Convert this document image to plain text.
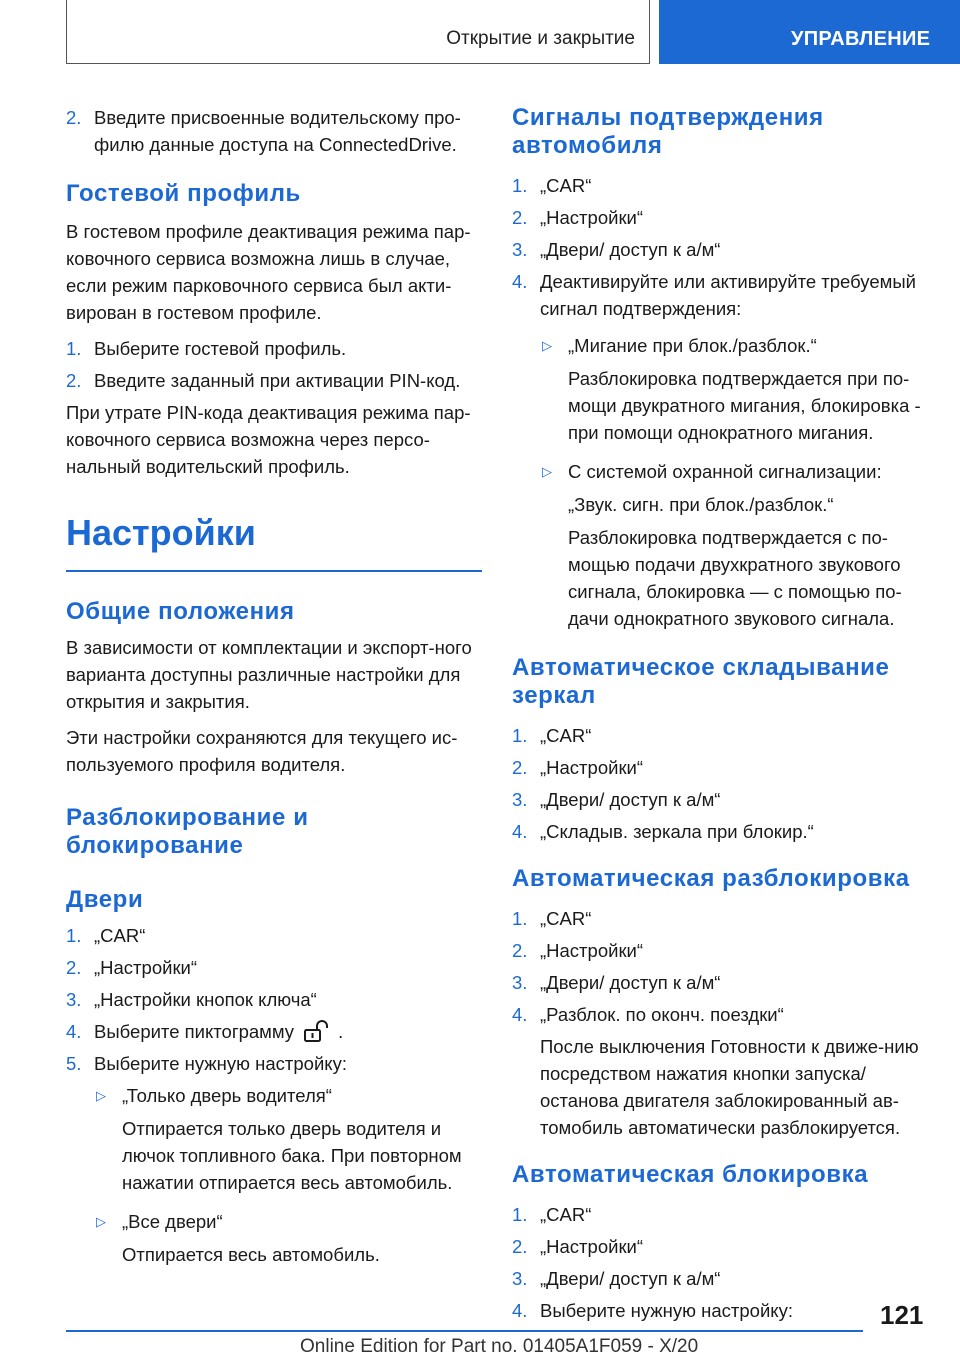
Открытие и закрытие	УПРАВЛЕНИЕ
2. Введите присвоенные водительскому про-филю данные доступа на ConnectedDrive.
Гостевой профиль

В гостевом профиле деактивация режима пар-ковочного сервиса возможна лишь в случае, если режим парковочного сервиса был акти-вирован в гостевом профиле.

1. Выберите гостевой профиль.
2. Введите заданный при активации PIN-код.

При утрате PIN-кода деактивация режима пар-ковочного сервиса возможна через персо-нальный водительский профиль.

Настройки
Общие положения

В зависимости от комплектации и экспорт-ного варианта доступны различные настройки для открытия и закрытия.

Эти настройки сохраняются для текущего ис-пользуемого профиля водителя.

Разблокирование и блокирование
Двери
1. „CAR“
2. „Настройки“
3. „Настройки кнопок ключа“
4. Выберите пиктограмму .
5. Выберите нужную настройку:
▷ „Только дверь водителя“
Отпирается только дверь водителя и лючок топливного бака. При повторном нажатии отпирается весь автомобиль.
▷ „Все двери“
Отпирается весь автомобиль.
Сигналы подтверждения автомобиля
1. „CAR“
2. „Настройки“
3. „Двери/ доступ к а/м“
4. Деактивируйте или активируйте требуемый сигнал подтверждения:
▷ „Мигание при блок./разблок.“
Разблокировка подтверждается при по-мощи двукратного мигания, блокировка - при помощи однократного мигания.
▷ С системой охранной сигнализации:
„Звук. сигн. при блок./разблок.“
Разблокировка подтверждается с по-мощью подачи двухкратного звукового сигнала, блокировка — с помощью по-дачи однократного звукового сигнала.
Автоматическое складывание зеркал
1. „CAR“
2. „Настройки“
3. „Двери/ доступ к а/м“
4. „Складыв. зеркала при блокир.“
Автоматическая разблокировка
1. „CAR“
2. „Настройки“
3. „Двери/ доступ к а/м“
4. „Разблок. по оконч. поездки“

После выключения Готовности к движе-нию посредством нажатия кнопки запуска/ останова двигателя заблокированный ав-томобиль автоматически разблокируется.

Автоматическая блокировка
1. „CAR“
2. „Настройки“
3. „Двери/ доступ к а/м“
4. Выберите нужную настройку:	121
Online Edition for Part no. 01405A1F059 - X/20
